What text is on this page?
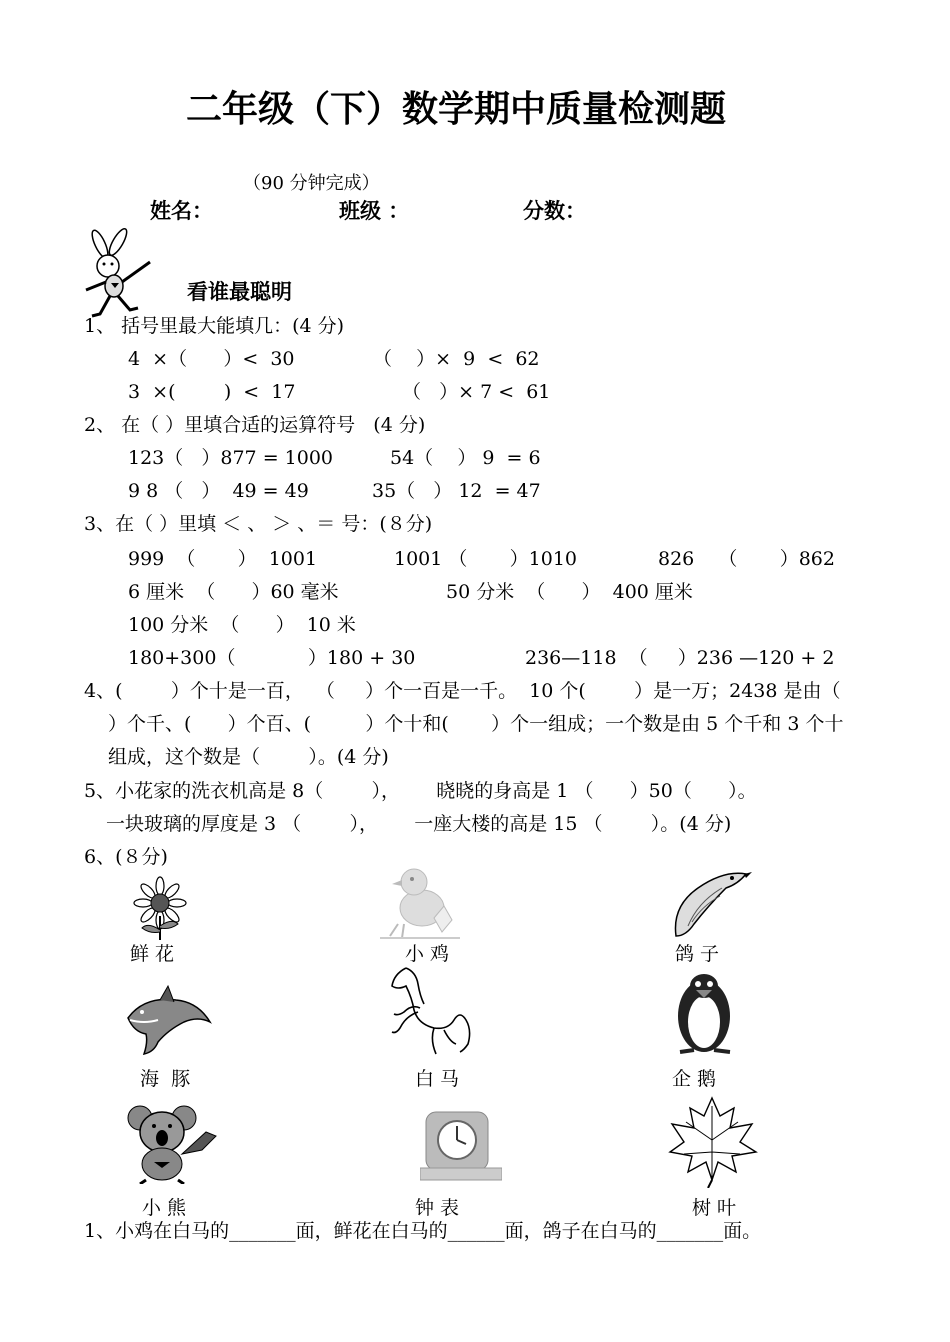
二年级（下）数学期中质量检测题
（90 分钟完成）
姓名：	班级 ：	分数：
看谁最聪明
1、 括号里最大能填几：(4 分)
4  ×（      ）<  30	（    ）×  9  <  62
3  ×(        )  <  17	（   ）× 7 <  61
2、 在（ ）里填合适的运算符号   (4 分)
123（   ）877 = 1000	54（    ） 9  = 6
9 8 （   ）  49 = 49	35（   ） 12  = 47
3、在（ ）里填 ＜ 、 ＞ 、＝ 号：(８分)
999  （       ）  1001	1001 （       ）1010	826    （       ）862
6 厘米  （      ）60 毫米	50 分米  （      ）  400 厘米
100 分米  （      ）  10 米
180+300（            ）180 + 30	236—118  （     ）236 —120 + 2
4、(        ）个十是一百，  （     ）个一百是一千。  10 个(        ）是一万；2438 是由（
）个千、(      ）个百、(         ）个十和(       ）个一组成；一个数是由 5 个千和 3 个十
组成，这个数是（        ）。(4 分)
5、小花家的洗衣机高是 8（        ），      晓晓的身高是 1 （      ）50（      ）。
一块玻璃的厚度是 3 （        ），      一座大楼的高是 15 （        ）。(4 分)
6、(８分)
鲜 花	小 鸡	鸽 子
海  豚	白 马	企 鹅
小 熊	钟 表	树 叶
1、小鸡在白马的_______面，鲜花在白马的______面，鸽子在白马的_______面。
